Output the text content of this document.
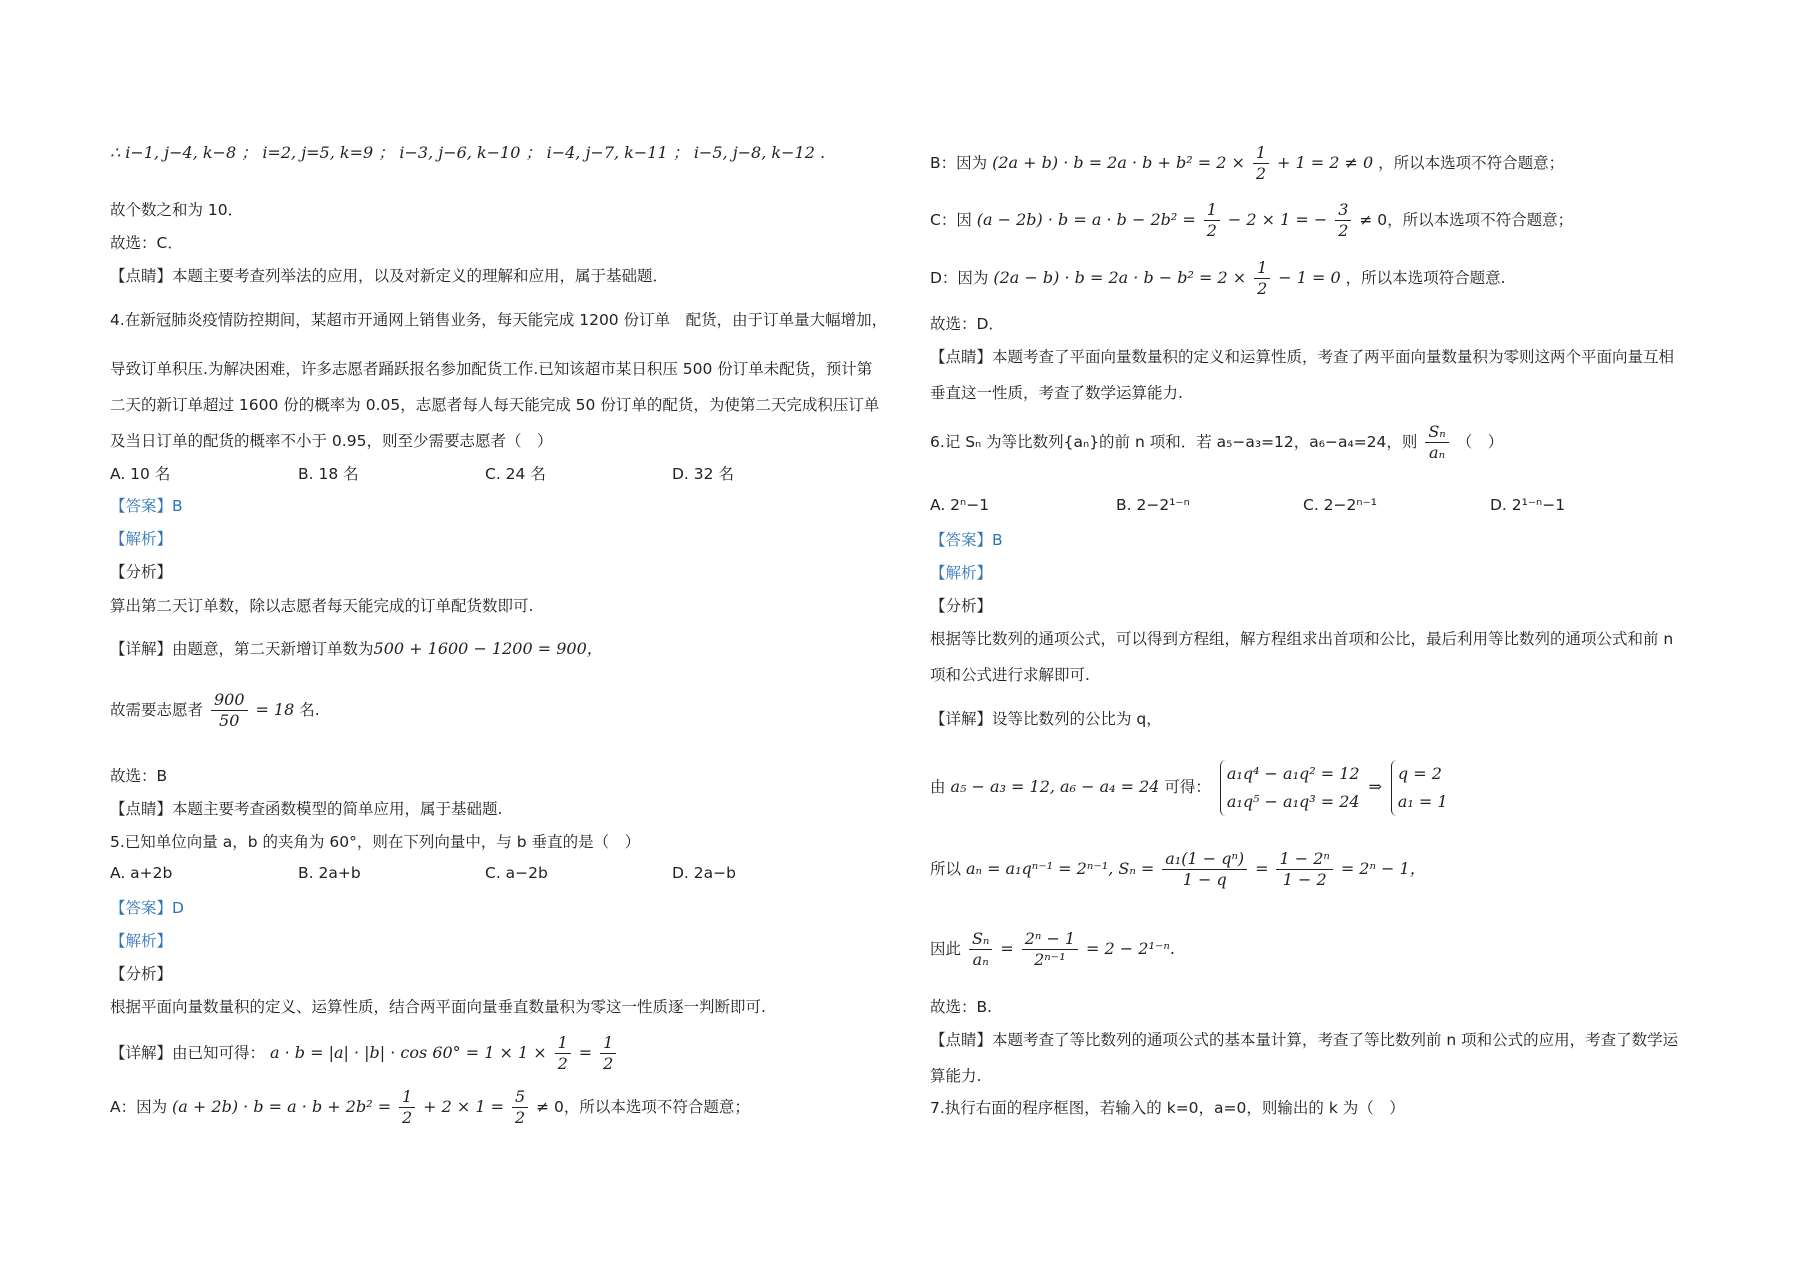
∴ i−1, j−4, k−8 ； i=2, j=5, k=9 ； i−3, j−6, k−10 ； i−4, j−7, k−11 ； i−5, j−8, k−12 .
故个数之和为 10．
故选：C．
【点睛】本题主要考查列举法的应用，以及对新定义的理解和应用，属于基础题．
4.在新冠肺炎疫情防控期间，某超市开通网上销售业务，每天能完成 1200 份订单　配货，由于订单量大幅增加，
导致订单积压.为解决困难，许多志愿者踊跃报名参加配货工作.已知该超市某日积压 500 份订单未配货，预计第
二天的新订单超过 1600 份的概率为 0.05，志愿者每人每天能完成 50 份订单的配货，为使第二天完成积压订单
及当日订单的配货的概率不小于 0.95，则至少需要志愿者（　）
A. 10 名	B. 18 名	C. 24 名	D. 32 名
【答案】B
【解析】
【分析】
算出第二天订单数，除以志愿者每天能完成的订单配货数即可.
【详解】由题意，第二天新增订单数为500 + 1600 − 1200 = 900，
故需要志愿者 $\frac{900}{50} = 18$ 名.
故选：B
【点睛】本题主要考查函数模型的简单应用，属于基础题.
5.已知单位向量 a，b 的夹角为 60°，则在下列向量中，与 b 垂直的是（　）
A. a+2b	B. 2a+b	C. a−2b	D. 2a−b
【答案】D
【解析】
【分析】
根据平面向量数量积的定义、运算性质，结合两平面向量垂直数量积为零这一性质逐一判断即可.
【详解】由已知可得： $a \cdot b = |a| \cdot |b| \cdot \cos 60^\circ = 1 \times 1 \times \frac{1}{2} = \frac{1}{2}$
A：因为 $(a + 2b) \cdot b = a \cdot b + 2b^2 = \frac{1}{2} + 2 \times 1 = \frac{5}{2} \ne 0$，所以本选项不符合题意；
B：因为 $(2a + b) \cdot b = 2a \cdot b + b^2 = 2 \times \frac{1}{2} + 1 = 2 \ne 0$ ，所以本选项不符合题意；
C：因 $(a - 2b) \cdot b = a \cdot b - 2b^2 = \frac{1}{2} - 2 \times 1$ = − $\frac{3}{2} \ne 0$，所以本选项不符合题意；
D：因为 $(2a - b) \cdot b = 2a \cdot b - b^2 = 2 \times \frac{1}{2} - 1 = 0$ ，所以本选项符合题意.
故选：D．
【点睛】本题考查了平面向量数量积的定义和运算性质，考查了两平面向量数量积为零则这两个平面向量互相
垂直这一性质，考查了数学运算能力.
6.记 Sₙ 为等比数列{aₙ}的前 n 项和．若 a₅−a₃=12，a₆−a₄=24，则 $\frac{\text{Sₙ}}{\text{aₙ}}$ （　）
A. 2ⁿ−1	B. 2−2¹⁻ⁿ	C. 2−2ⁿ⁻¹	D. 2¹⁻ⁿ−1
【答案】B
【解析】
【分析】
根据等比数列的通项公式，可以得到方程组，解方程组求出首项和公比，最后利用等比数列的通项公式和前 n
项和公式进行求解即可.
【详解】设等比数列的公比为 q，
由 a₅ − a₃ = 12, a₆ − a₄ = 24 可得：
a₁q⁴ − a₁q² = 12
a₁q⁵ − a₁q³ = 24
⇒
q = 2
a₁ = 1
所以 aₙ = a₁qⁿ⁻¹ = 2ⁿ⁻¹, $S_n = \frac{\text{a₁(1 − qⁿ)}}{1 - q} = \frac{\text{1 − 2ⁿ}}{1 - 2} = 2^n - 1$，
因此 $\frac{\text{Sₙ}}{\text{aₙ}} = \frac{\text{2ⁿ − 1}}{\text{2ⁿ⁻¹}} = 2 - 2^{1-n}$.
故选：B.
【点睛】本题考查了等比数列的通项公式的基本量计算，考查了等比数列前 n 项和公式的应用，考查了数学运
算能力.
7.执行右面的程序框图，若输入的 k=0，a=0，则输出的 k 为（　）
